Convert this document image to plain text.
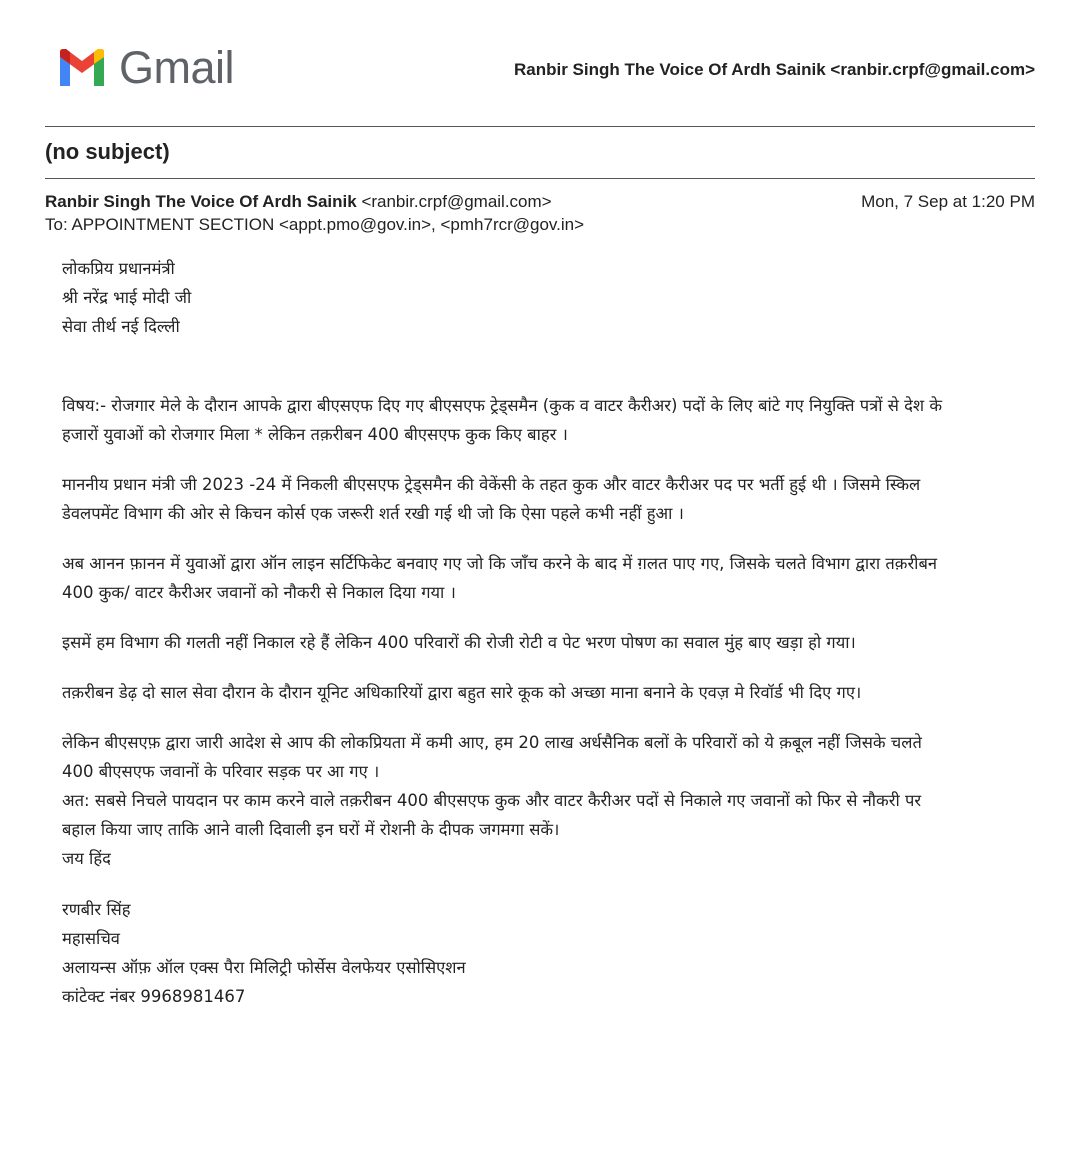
Gmail	Ranbir Singh The Voice Of Ardh Sainik <ranbir.crpf@gmail.com>
(no subject)
Ranbir Singh The Voice Of Ardh Sainik <ranbir.crpf@gmail.com>	Mon, 7 Sep at 1:20 PM
To: APPOINTMENT SECTION <appt.pmo@gov.in>, <pmh7rcr@gov.in>
लोकप्रिय प्रधानमंत्री
श्री नरेंद्र भाई मोदी जी
सेवा तीर्थ नई दिल्ली
विषय:- रोजगार मेले के दौरान आपके द्वारा बीएसएफ दिए गए बीएसएफ ट्रेड्समैन (कुक व वाटर कैरीअर) पदों के लिए बांटे गए नियुक्ति पत्रों से देश के
हजारों युवाओं को रोजगार मिला * लेकिन तक़रीबन 400 बीएसएफ कुक किए बाहर ।
माननीय प्रधान मंत्री जी 2023 -24 में निकली बीएसएफ ट्रेड्समैन की वेकेंसी के तहत कुक और वाटर कैरीअर पद पर भर्ती हुई थी । जिसमे स्किल
डेवलपमेंट विभाग की ओर से किचन कोर्स एक जरूरी शर्त रखी गई थी जो कि ऐसा पहले कभी नहीं हुआ ।
अब आनन फ़ानन में युवाओं द्वारा ऑन लाइन सर्टिफिकेट बनवाए गए जो कि जाँच करने के बाद में ग़लत पाए गए, जिसके चलते विभाग द्वारा तक़रीबन
400 कुक/ वाटर कैरीअर जवानों को नौकरी से निकाल दिया गया ।
इसमें हम विभाग की गलती नहीं निकाल रहे हैं लेकिन 400 परिवारों की रोजी रोटी व पेट भरण पोषण का सवाल मुंह बाए खड़ा हो गया।
तक़रीबन डेढ़ दो साल सेवा दौरान के दौरान यूनिट अधिकारियों द्वारा बहुत सारे कूक को अच्छा माना बनाने के एवज़ मे रिवॉर्ड भी दिए गए।
लेकिन बीएसएफ़ द्वारा जारी आदेश से आप की लोकप्रियता में कमी आए, हम 20 लाख अर्धसैनिक बलों के परिवारों को ये क़बूल नहीं जिसके चलते
400 बीएसएफ जवानों के परिवार सड़क पर आ गए ।
अत: सबसे निचले पायदान पर काम करने वाले तक़रीबन 400 बीएसएफ कुक और वाटर कैरीअर पदों से निकाले गए जवानों को फिर से नौकरी पर
बहाल किया जाए ताकि आने वाली दिवाली इन घरों में रोशनी के दीपक जगमगा सकें।
जय हिंद
रणबीर सिंह
महासचिव
अलायन्स ऑफ़ ऑल एक्स पैरा मिलिट्री फोर्सेस वेलफेयर एसोसिएशन
कांटेक्ट नंबर 9968981467
